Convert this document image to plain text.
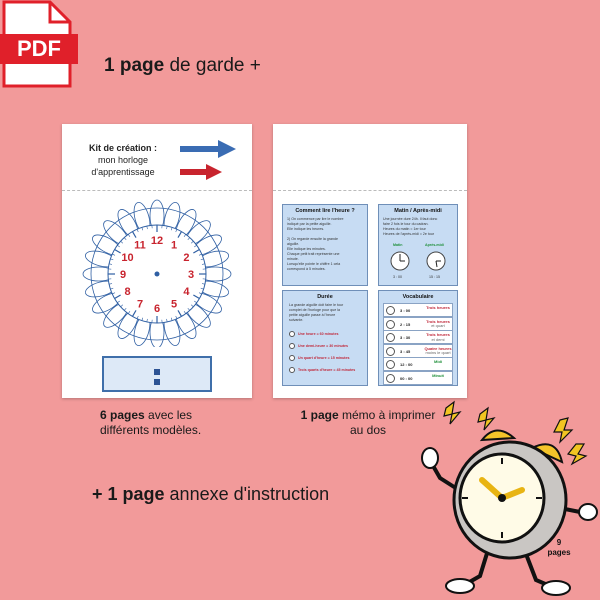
PDF
1 page de garde +
Kit de création :
mon horloge
d'apprentissage
12 1
2
3
4
5
6
7
8
9
10
11
Comment lire l'heure ?
1) On commence par lire le nombre
indiqué par la petite aiguille.
Elle indique les heures.

2) On regarde ensuite la grande
aiguille.
Elle indique les minutes.
Chaque petit trait représente une
minute.
Lorsqu'elle pointe le chiffre 1 cela
correspond à 5 minutes.
Matin / Après-midi
Une journée dure 24h. Il faut donc
faire 2 fois le tour du cadran.
Heures du matin = 1er tour
Heures de l'après-midi = 2e tour
Matin	Après-midi
3 : 00	15 : 15
Durée
La grande aiguille doit faire le tour
complet de l'horloge pour que la
petite aiguille passe à l'heure
suivante.
Une heure = 60 minutes
Une demi-heure = 30 minutes
Un quart d'heure = 15 minutes
Trois quarts d'heure = 45 minutes
Vocabulaire
3 : 00
Trois heures
2 : 15
Trois heures
et quart
3 : 30
Trois heures
et demi
3 : 45
Quatre heures
moins le quart
12 : 00
Midi
00 : 00
Minuit
6 pages avec les différents modèles.
1 page mémo à imprimer au dos
+ 1 page annexe d'instruction
9
pages
